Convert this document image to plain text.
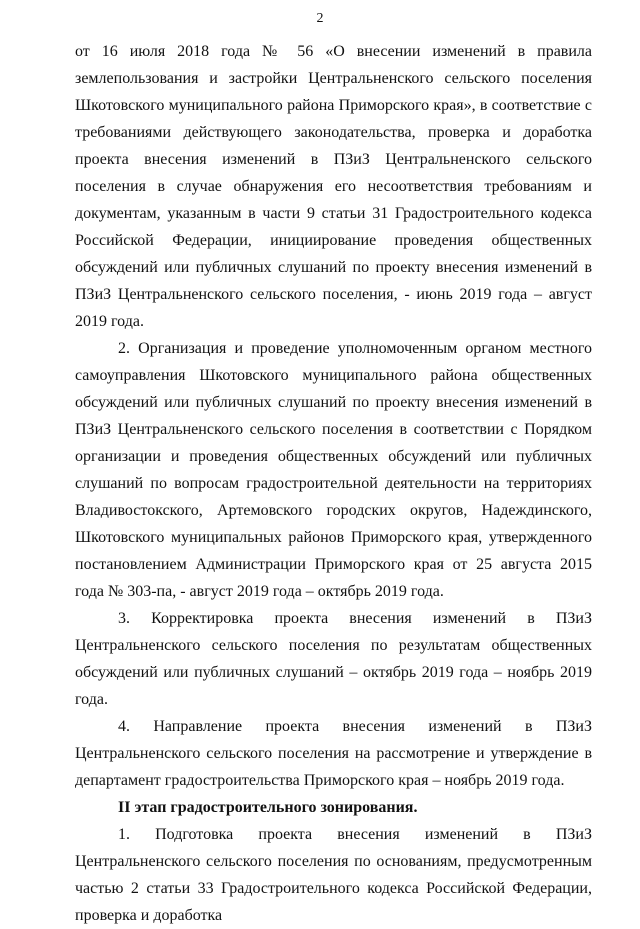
2

от 16 июля 2018 года № 56 «О внесении изменений в правила землепользования и застройки Центральненского сельского поселения Шкотовского муниципального района Приморского края», в соответствие с требованиями действующего законодательства, проверка и доработка проекта внесения изменений в ПЗиЗ Центральненского сельского поселения в случае обнаружения его несоответствия требованиям и документам, указанным в части 9 статьи 31 Градостроительного кодекса Российской Федерации, инициирование проведения общественных обсуждений или публичных слушаний по проекту внесения изменений в ПЗиЗ Центральненского сельского поселения, - июнь 2019 года – август 2019 года.

2. Организация и проведение уполномоченным органом местного самоуправления Шкотовского муниципального района общественных обсуждений или публичных слушаний по проекту внесения изменений в ПЗиЗ Центральненского сельского поселения в соответствии с Порядком организации и проведения общественных обсуждений или публичных слушаний по вопросам градостроительной деятельности на территориях Владивостокского, Артемовского городских округов, Надеждинского, Шкотовского муниципальных районов Приморского края, утвержденного постановлением Администрации Приморского края от 25 августа 2015 года № 303-па, - август 2019 года – октябрь 2019 года.

3. Корректировка проекта внесения изменений в ПЗиЗ Центральненского сельского поселения по результатам общественных обсуждений или публичных слушаний – октябрь 2019 года – ноябрь 2019 года.

4. Направление проекта внесения изменений в ПЗиЗ Центральненского сельского поселения на рассмотрение и утверждение в департамент градостроительства Приморского края – ноябрь 2019 года.

II этап градостроительного зонирования.

1. Подготовка проекта внесения изменений в ПЗиЗ Центральненского сельского поселения по основаниям, предусмотренным частью 2 статьи 33 Градостроительного кодекса Российской Федерации, проверка и доработка
